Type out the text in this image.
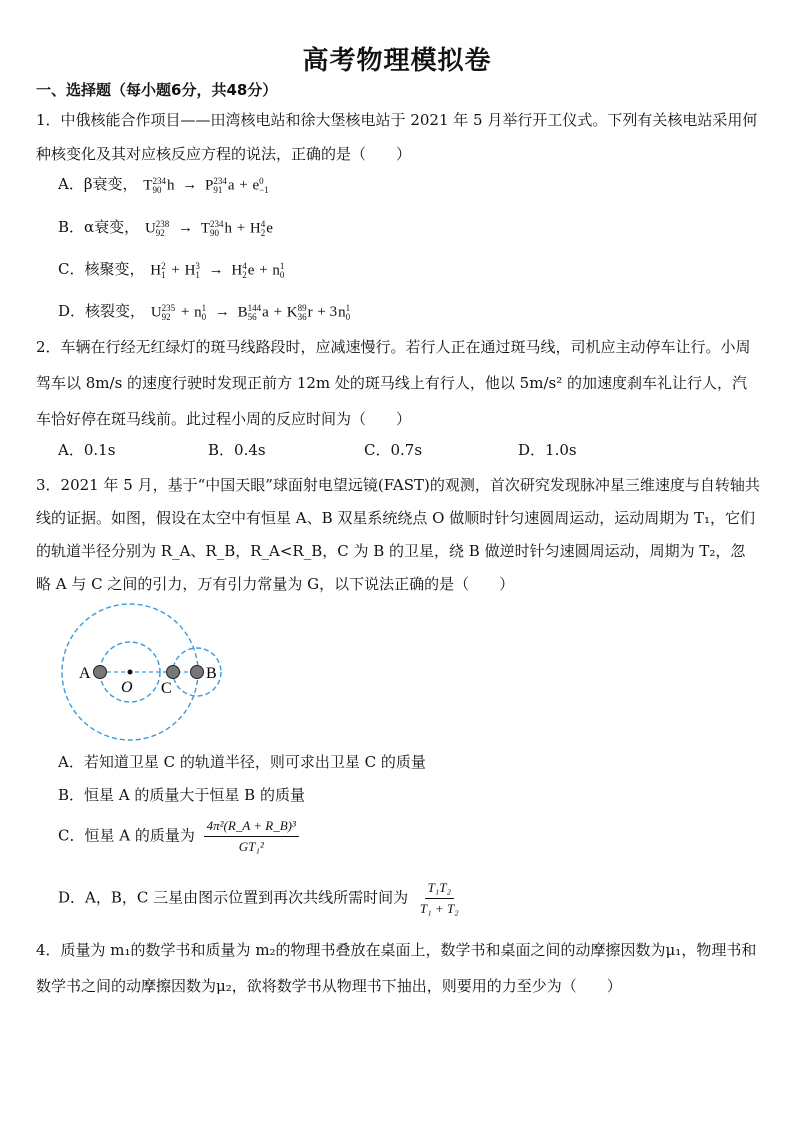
高考物理模拟卷
一、选择题（每小题6分，共48分）
1．中俄核能合作项目——田湾核电站和徐大堡核电站于 2021 年 5 月举行开工仪式。下列有关核电站采用何种核变化及其对应核反应方程的说法，正确的是（　　）
A．β衰变， T 234
90 h → P 234
91 a + e 0
−1
B．α衰变， U 238
92 → T 234
90 h + H 4
2 e
C．核聚变， H 2
1 + H 3
1 → H 4
2 e + n 1
0
D．核裂变， U 235
92 + n 1
0 → B 144
56 a + K 89
36 r + 3n 1
0
2．车辆在行经无红绿灯的斑马线路段时，应减速慢行。若行人正在通过斑马线，司机应主动停车让行。小周驾车以 8m/s 的速度行驶时发现正前方 12m 处的斑马线上有行人，他以 5m/s² 的加速度刹车礼让行人，汽车恰好停在斑马线前。此过程小周的反应时间为（　　）
A．0.1s	B．0.4s	C．0.7s	D．1.0s
3．2021 年 5 月，基于“中国天眼”球面射电望远镜(FAST)的观测，首次研究发现脉冲星三维速度与自转轴共线的证据。如图，假设在太空中有恒星 A、B 双星系统绕点 O 做顺时针匀速圆周运动，运动周期为 T₁，它们的轨道半径分别为 R_A、R_B，R_A<R_B，C 为 B 的卫星，绕 B 做逆时针匀速圆周运动，周期为 T₂，忽略 A 与 C 之间的引力，万有引力常量为 G，以下说法正确的是（　　）
A
O C
B
A．若知道卫星 C 的轨道半径，则可求出卫星 C 的质量
B．恒星 A 的质量大于恒星 B 的质量
C．恒星 A 的质量为 $\frac{\text{4π²(R\_A + R\_B)³}}{\text{GT₁²}}$
D．A，B，C 三星由图示位置到再次共线所需时间为 $\frac{\text{T₁T₂}}{\text{T₁ + T₂}}$
4．质量为 m₁的数学书和质量为 m₂的物理书叠放在桌面上，数学书和桌面之间的动摩擦因数为μ₁，物理书和数学书之间的动摩擦因数为μ₂，欲将数学书从物理书下抽出，则要用的力至少为（　　）
